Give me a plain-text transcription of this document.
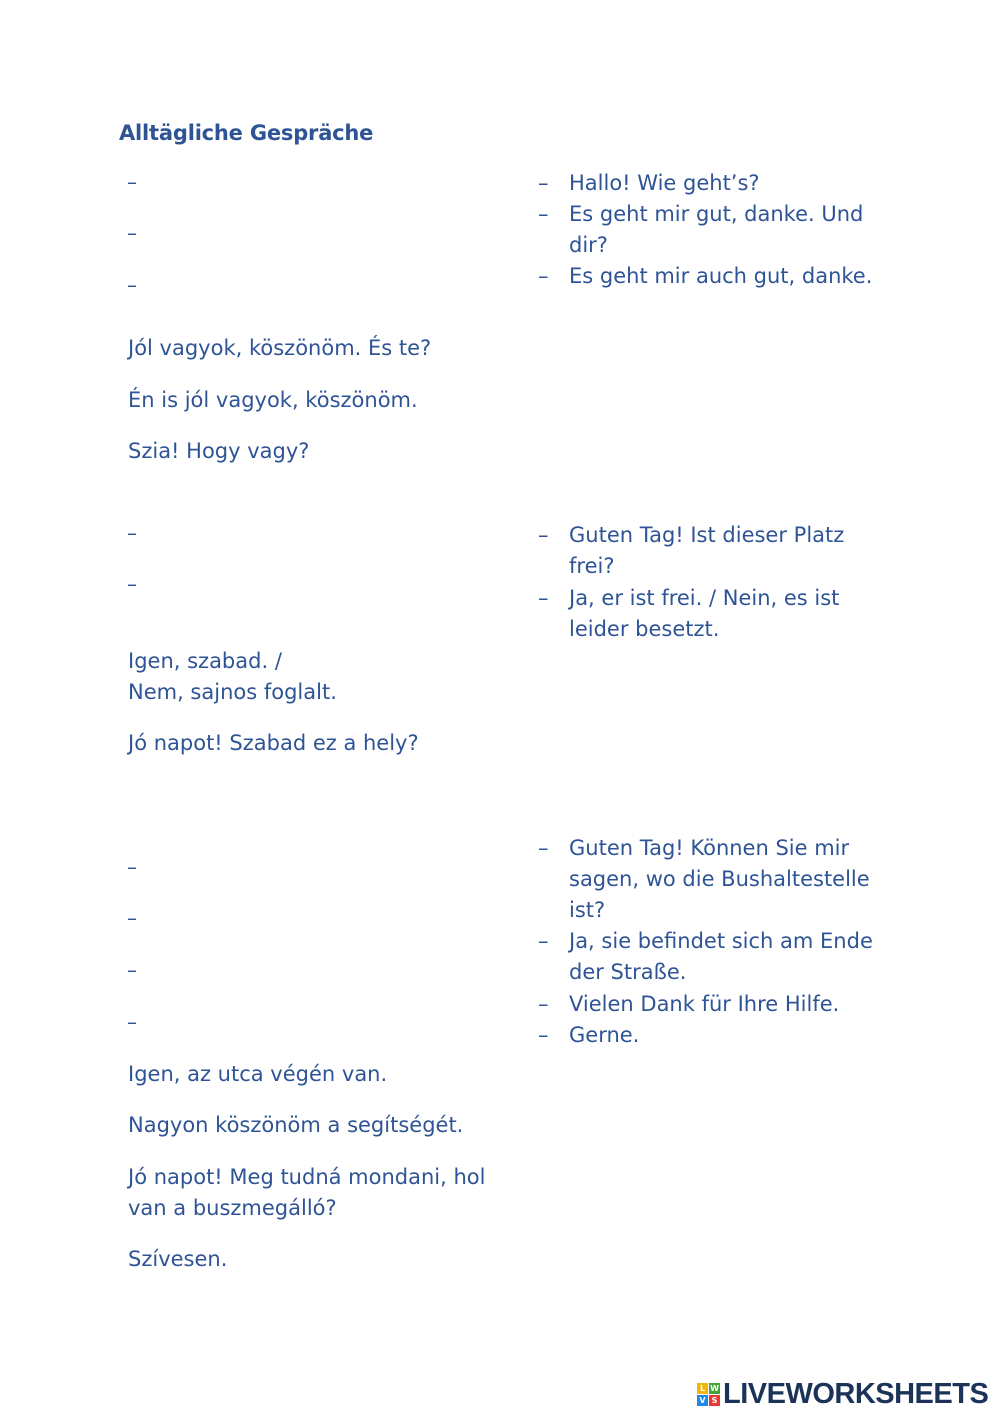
Alltägliche Gespräche
–
–
–
– Hallo! Wie geht’s?
– Es geht mir gut, danke. Und
dir?
– Es geht mir auch gut, danke.
Jól vagyok, köszönöm. És te?
Én is jól vagyok, köszönöm.
Szia! Hogy vagy?
–
–
– Guten Tag! Ist dieser Platz
frei?
– Ja, er ist frei. / Nein, es ist
leider besetzt.
Igen, szabad. /
Nem, sajnos foglalt.
Jó napot! Szabad ez a hely?
–
–
–
–
– Guten Tag! Können Sie mir
sagen, wo die Bushaltestelle
ist?
– Ja, sie befindet sich am Ende
der Straße.
– Vielen Dank für Ihre Hilfe.
– Gerne.
Igen, az utca végén van.
Nagyon köszönöm a segítségét.
Jó napot! Meg tudná mondani, hol
van a buszmegálló?
Szívesen.
L W
V S LIVEWORKSHEETS
